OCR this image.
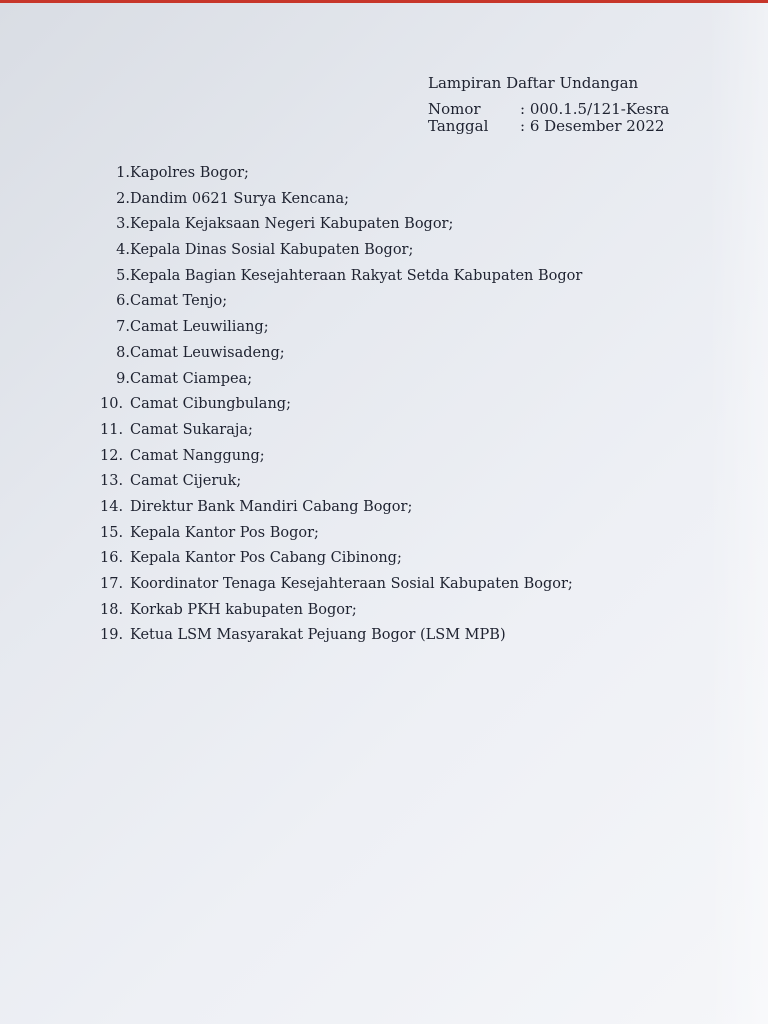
Lampiran Daftar Undangan
Nomor	: 000.1.5/121-Kesra
Tanggal	: 6 Desember 2022
1. Kapolres Bogor;
2. Dandim 0621 Surya Kencana;
3. Kepala Kejaksaan Negeri Kabupaten Bogor;
4. Kepala Dinas Sosial Kabupaten Bogor;
5. Kepala Bagian Kesejahteraan Rakyat Setda Kabupaten Bogor
6. Camat Tenjo;
7. Camat Leuwiliang;
8. Camat Leuwisadeng;
9. Camat Ciampea;
10. Camat Cibungbulang;
11. Camat Sukaraja;
12. Camat Nanggung;
13. Camat Cijeruk;
14. Direktur Bank Mandiri Cabang Bogor;
15. Kepala Kantor Pos Bogor;
16. Kepala Kantor Pos Cabang Cibinong;
17. Koordinator Tenaga Kesejahteraan Sosial Kabupaten Bogor;
18. Korkab PKH kabupaten Bogor;
19. Ketua LSM Masyarakat Pejuang Bogor (LSM MPB)
